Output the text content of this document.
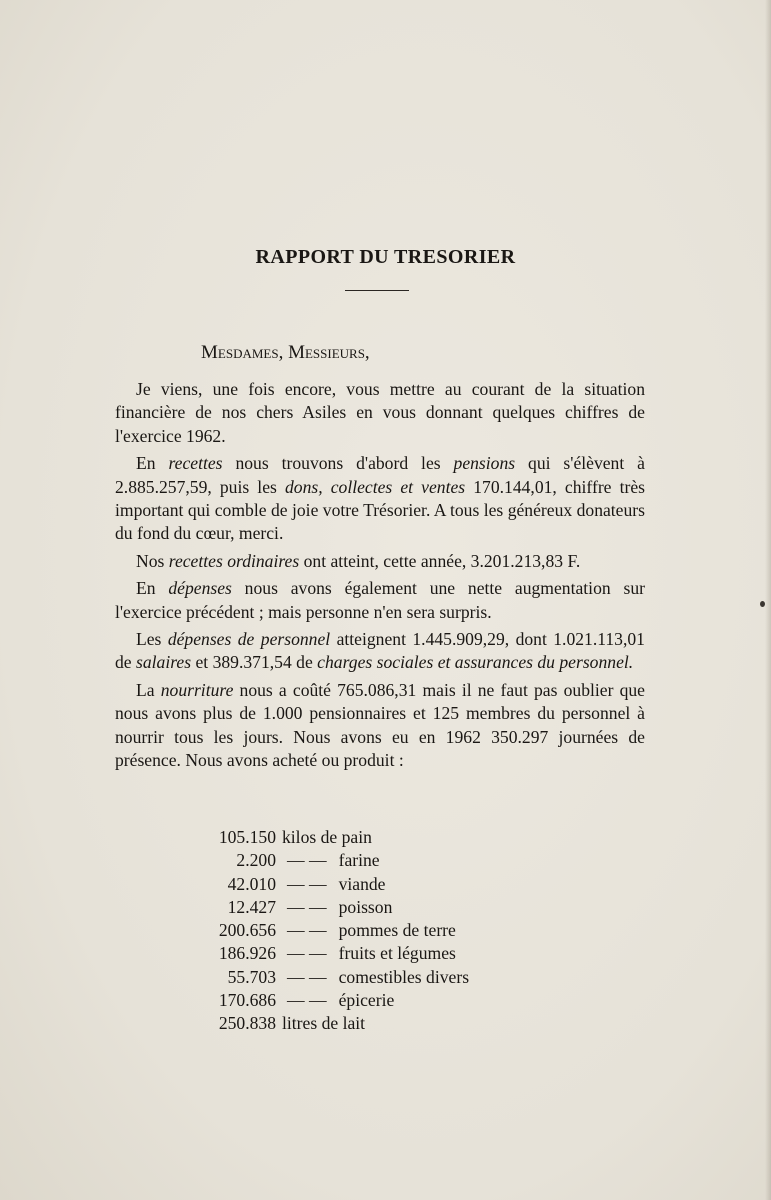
RAPPORT DU TRESORIER

Mesdames, Messieurs,

Je viens, une fois encore, vous mettre au courant de la situation financière de nos chers Asiles en vous donnant quelques chiffres de l'exercice 1962.

En recettes nous trouvons d'abord les pensions qui s'élèvent à 2.885.257,59, puis les dons, collectes et ventes 170.144,01, chiffre très important qui comble de joie votre Trésorier. A tous les généreux donateurs du fond du cœur, merci.

Nos recettes ordinaires ont atteint, cette année, 3.201.213,83 F.

En dépenses nous avons également une nette augmentation sur l'exercice précédent ; mais personne n'en sera surpris.

Les dépenses de personnel atteignent 1.445.909,29, dont 1.021.113,01 de salaires et 389.371,54 de charges sociales et assurances du personnel.

La nourriture nous a coûté 765.086,31 mais il ne faut pas oublier que nous avons plus de 1.000 pensionnaires et 125 membres du personnel à nourrir tous les jours. Nous avons eu en 1962 350.297 journées de présence. Nous avons acheté ou produit :

105.150 kilos de pain
2.200 — — farine
42.010 — — viande
12.427 — — poisson
200.656 — — pommes de terre
186.926 — — fruits et légumes
55.703 — — comestibles divers
170.686 — — épicerie
250.838 litres de lait
